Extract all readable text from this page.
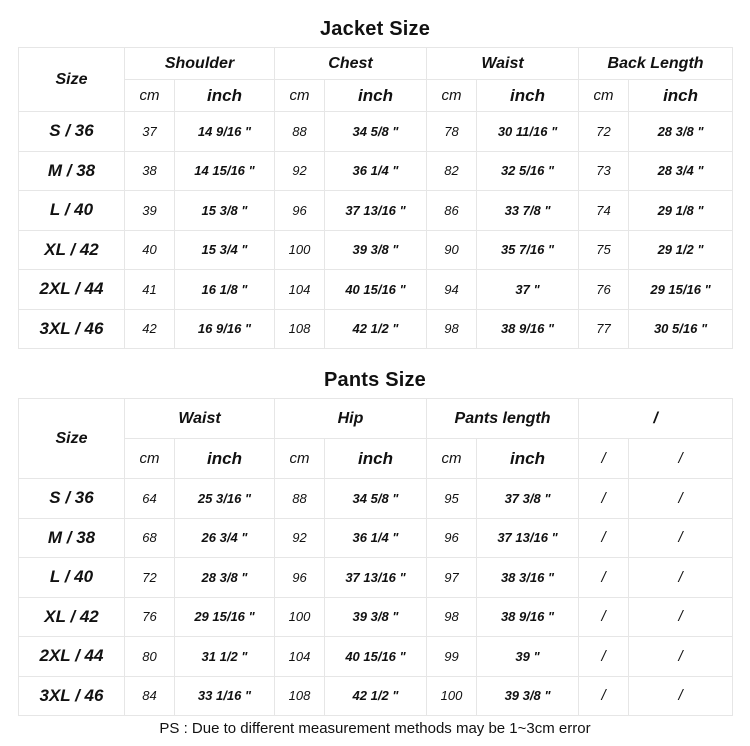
Jacket Size
Size	Shoulder		Chest		Waist		Back Length	
	cm	inch	cm	inch	cm	inch	cm	inch
S / 36	37	14 9/16 "	88	34 5/8 "	78	30 11/16 "	72	28 3/8 "
M / 38	38	14 15/16 "	92	36 1/4 "	82	32 5/16 "	73	28 3/4 "
L / 40	39	15 3/8 "	96	37 13/16 "	86	33 7/8 "	74	29 1/8 "
XL / 42	40	15 3/4 "	100	39 3/8 "	90	35 7/16 "	75	29 1/2 "
2XL / 44	41	16 1/8 "	104	40 15/16 "	94	37 "	76	29 15/16 "
3XL / 46	42	16 9/16 "	108	42 1/2 "	98	38 9/16 "	77	30 5/16 "
Pants Size
Size	Waist		Hip		Pants length		/	
	cm	inch	cm	inch	cm	inch	/	/
S / 36	64	25 3/16 "	88	34 5/8 "	95	37 3/8 "	/	/
M / 38	68	26 3/4 "	92	36 1/4 "	96	37 13/16 "	/	/
L / 40	72	28 3/8 "	96	37 13/16 "	97	38 3/16 "	/	/
XL / 42	76	29 15/16 "	100	39 3/8 "	98	38 9/16 "	/	/
2XL / 44	80	31 1/2 "	104	40 15/16 "	99	39 "	/	/
3XL / 46	84	33 1/16 "	108	42 1/2 "	100	39 3/8 "	/	/
PS : Due to different measurement methods may be 1~3cm error
